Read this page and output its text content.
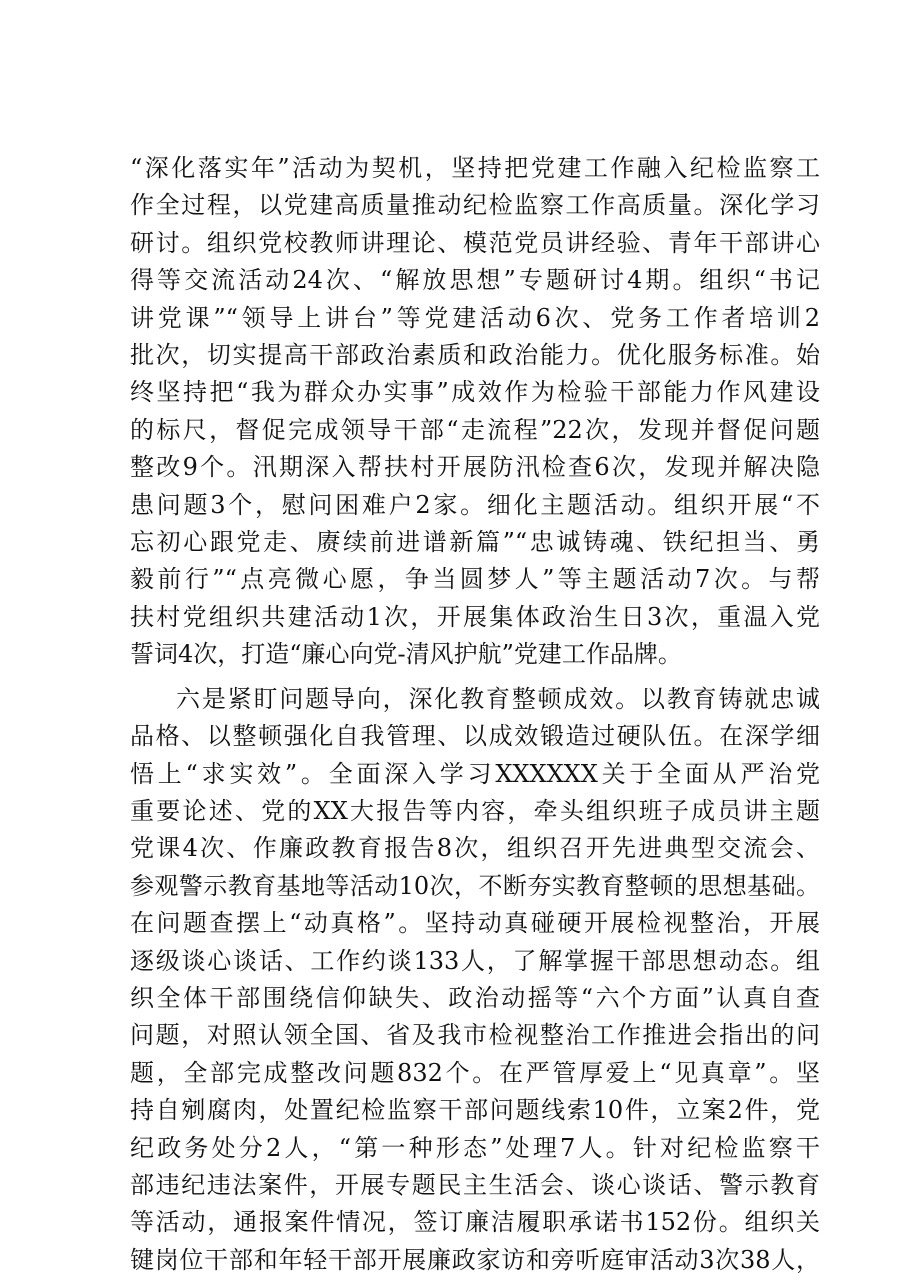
“深化落实年”活动为契机，坚持把党建工作融入纪检监察工
作全过程，以党建高质量推动纪检监察工作高质量。深化学习
研讨。组织党校教师讲理论、模范党员讲经验、青年干部讲心
得等交流活动24次、“解放思想”专题研讨4期。组织“书记
讲党课”“领导上讲台”等党建活动6次、党务工作者培训2
批次，切实提高干部政治素质和政治能力。优化服务标准。始
终坚持把“我为群众办实事”成效作为检验干部能力作风建设
的标尺，督促完成领导干部“走流程”22次，发现并督促问题
整改9个。汛期深入帮扶村开展防汛检查6次，发现并解决隐
患问题3个，慰问困难户2家。细化主题活动。组织开展“不
忘初心跟党走、赓续前进谱新篇”“忠诚铸魂、铁纪担当、勇
毅前行”“点亮微心愿，争当圆梦人”等主题活动7次。与帮
扶村党组织共建活动1次，开展集体政治生日3次，重温入党
誓词4次，打造“廉心向党-清风护航”党建工作品牌。
六是紧盯问题导向，深化教育整顿成效。以教育铸就忠诚
品格、以整顿强化自我管理、以成效锻造过硬队伍。在深学细
悟上“求实效”。全面深入学习XXXXXX关于全面从严治党
重要论述、党的XX大报告等内容，牵头组织班子成员讲主题
党课4次、作廉政教育报告8次，组织召开先进典型交流会、
参观警示教育基地等活动10次，不断夯实教育整顿的思想基础。
在问题查摆上“动真格”。坚持动真碰硬开展检视整治，开展
逐级谈心谈话、工作约谈133人，了解掌握干部思想动态。组
织全体干部围绕信仰缺失、政治动摇等“六个方面”认真自查
问题，对照认领全国、省及我市检视整治工作推进会指出的问
题，全部完成整改问题832个。在严管厚爱上“见真章”。坚
持自剜腐肉，处置纪检监察干部问题线索10件，立案2件，党
纪政务处分2人，“第一种形态”处理7人。针对纪检监察干
部违纪违法案件，开展专题民主生活会、谈心谈话、警示教育
等活动，通报案件情况，签订廉洁履职承诺书152份。组织关
键岗位干部和年轻干部开展廉政家访和旁听庭审活动3次38人，
